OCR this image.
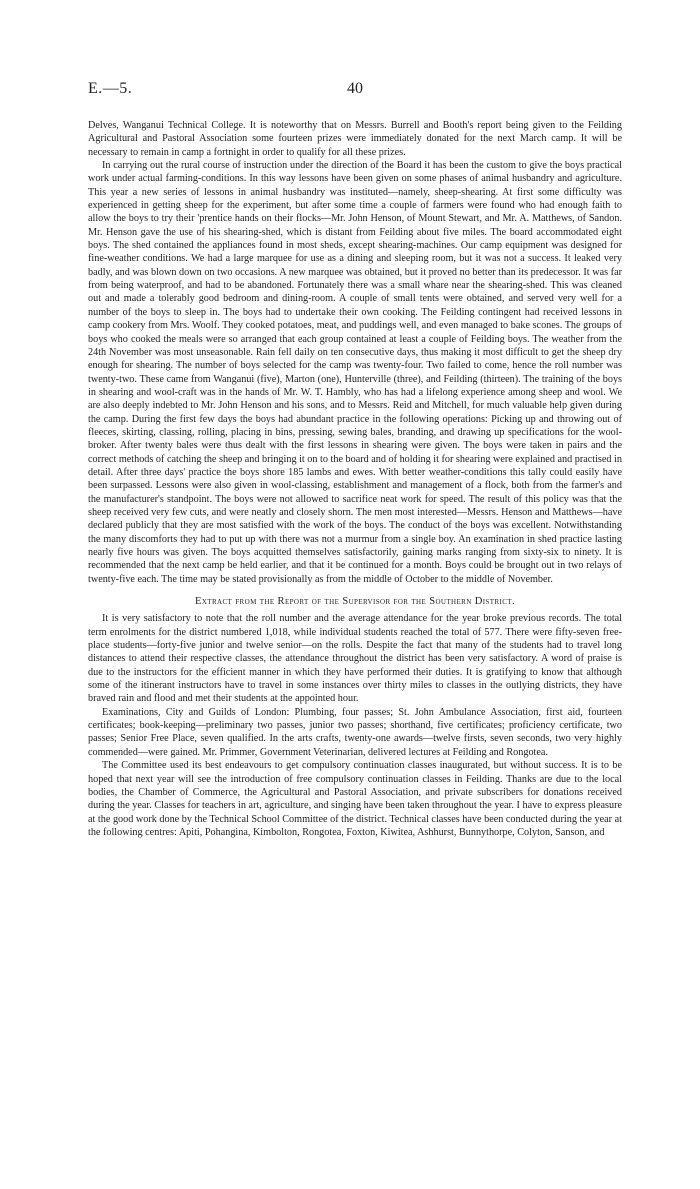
E.—5.	40

Delves, Wanganui Technical College. It is noteworthy that on Messrs. Burrell and Booth's report being given to the Feilding Agricultural and Pastoral Association some fourteen prizes were immediately donated for the next March camp. It will be necessary to remain in camp a fortnight in order to qualify for all these prizes.

In carrying out the rural course of instruction under the direction of the Board it has been the custom to give the boys practical work under actual farming-conditions. In this way lessons have been given on some phases of animal husbandry and agriculture. This year a new series of lessons in animal husbandry was instituted—namely, sheep-shearing. At first some difficulty was experienced in getting sheep for the experiment, but after some time a couple of farmers were found who had enough faith to allow the boys to try their 'prentice hands on their flocks—Mr. John Henson, of Mount Stewart, and Mr. A. Matthews, of Sandon. Mr. Henson gave the use of his shearing-shed, which is distant from Feilding about five miles. The board accommodated eight boys. The shed contained the appliances found in most sheds, except shearing-machines. Our camp equipment was designed for fine-weather conditions. We had a large marquee for use as a dining and sleeping room, but it was not a success. It leaked very badly, and was blown down on two occasions. A new marquee was obtained, but it proved no better than its predecessor. It was far from being waterproof, and had to be abandoned. Fortunately there was a small whare near the shearing-shed. This was cleaned out and made a tolerably good bedroom and dining-room. A couple of small tents were obtained, and served very well for a number of the boys to sleep in. The boys had to undertake their own cooking. The Feilding contingent had received lessons in camp cookery from Mrs. Woolf. They cooked potatoes, meat, and puddings well, and even managed to bake scones. The groups of boys who cooked the meals were so arranged that each group contained at least a couple of Feilding boys. The weather from the 24th November was most unseasonable. Rain fell daily on ten consecutive days, thus making it most difficult to get the sheep dry enough for shearing. The number of boys selected for the camp was twenty-four. Two failed to come, hence the roll number was twenty-two. These came from Wanganui (five), Marton (one), Hunterville (three), and Feilding (thirteen). The training of the boys in shearing and wool-craft was in the hands of Mr. W. T. Hambly, who has had a lifelong experience among sheep and wool. We are also deeply indebted to Mr. John Henson and his sons, and to Messrs. Reid and Mitchell, for much valuable help given during the camp. During the first few days the boys had abundant practice in the following operations: Picking up and throwing out of fleeces, skirting, classing, rolling, placing in bins, pressing, sewing bales, branding, and drawing up specifications for the wool-broker. After twenty bales were thus dealt with the first lessons in shearing were given. The boys were taken in pairs and the correct methods of catching the sheep and bringing it on to the board and of holding it for shearing were explained and practised in detail. After three days' practice the boys shore 185 lambs and ewes. With better weather-conditions this tally could easily have been surpassed. Lessons were also given in wool-classing, establishment and management of a flock, both from the farmer's and the manufacturer's standpoint. The boys were not allowed to sacrifice neat work for speed. The result of this policy was that the sheep received very few cuts, and were neatly and closely shorn. The men most interested—Messrs. Henson and Matthews—have declared publicly that they are most satisfied with the work of the boys. The conduct of the boys was excellent. Notwithstanding the many discomforts they had to put up with there was not a murmur from a single boy. An examination in shed practice lasting nearly five hours was given. The boys acquitted themselves satisfactorily, gaining marks ranging from sixty-six to ninety. It is recommended that the next camp be held earlier, and that it be continued for a month. Boys could be brought out in two relays of twenty-five each. The time may be stated provisionally as from the middle of October to the middle of November.

Extract from the Report of the Supervisor for the Southern District.

It is very satisfactory to note that the roll number and the average attendance for the year broke previous records. The total term enrolments for the district numbered 1,018, while individual students reached the total of 577. There were fifty-seven free-place students—forty-five junior and twelve senior—on the rolls. Despite the fact that many of the students had to travel long distances to attend their respective classes, the attendance throughout the district has been very satisfactory. A word of praise is due to the instructors for the efficient manner in which they have performed their duties. It is gratifying to know that although some of the itinerant instructors have to travel in some instances over thirty miles to classes in the outlying districts, they have braved rain and flood and met their students at the appointed hour.

Examinations, City and Guilds of London: Plumbing, four passes; St. John Ambulance Association, first aid, fourteen certificates; book-keeping—preliminary two passes, junior two passes; shorthand, five certificates; proficiency certificate, two passes; Senior Free Place, seven qualified. In the arts crafts, twenty-one awards—twelve firsts, seven seconds, two very highly commended—were gained. Mr. Primmer, Government Veterinarian, delivered lectures at Feilding and Rongotea.

The Committee used its best endeavours to get compulsory continuation classes inaugurated, but without success. It is to be hoped that next year will see the introduction of free compulsory continuation classes in Feilding. Thanks are due to the local bodies, the Chamber of Commerce, the Agricultural and Pastoral Association, and private subscribers for donations received during the year. Classes for teachers in art, agriculture, and singing have been taken throughout the year. I have to express pleasure at the good work done by the Technical School Committee of the district. Technical classes have been conducted during the year at the following centres: Apiti, Pohangina, Kimbolton, Rongotea, Foxton, Kiwitea, Ashhurst, Bunnythorpe, Colyton, Sanson, and
